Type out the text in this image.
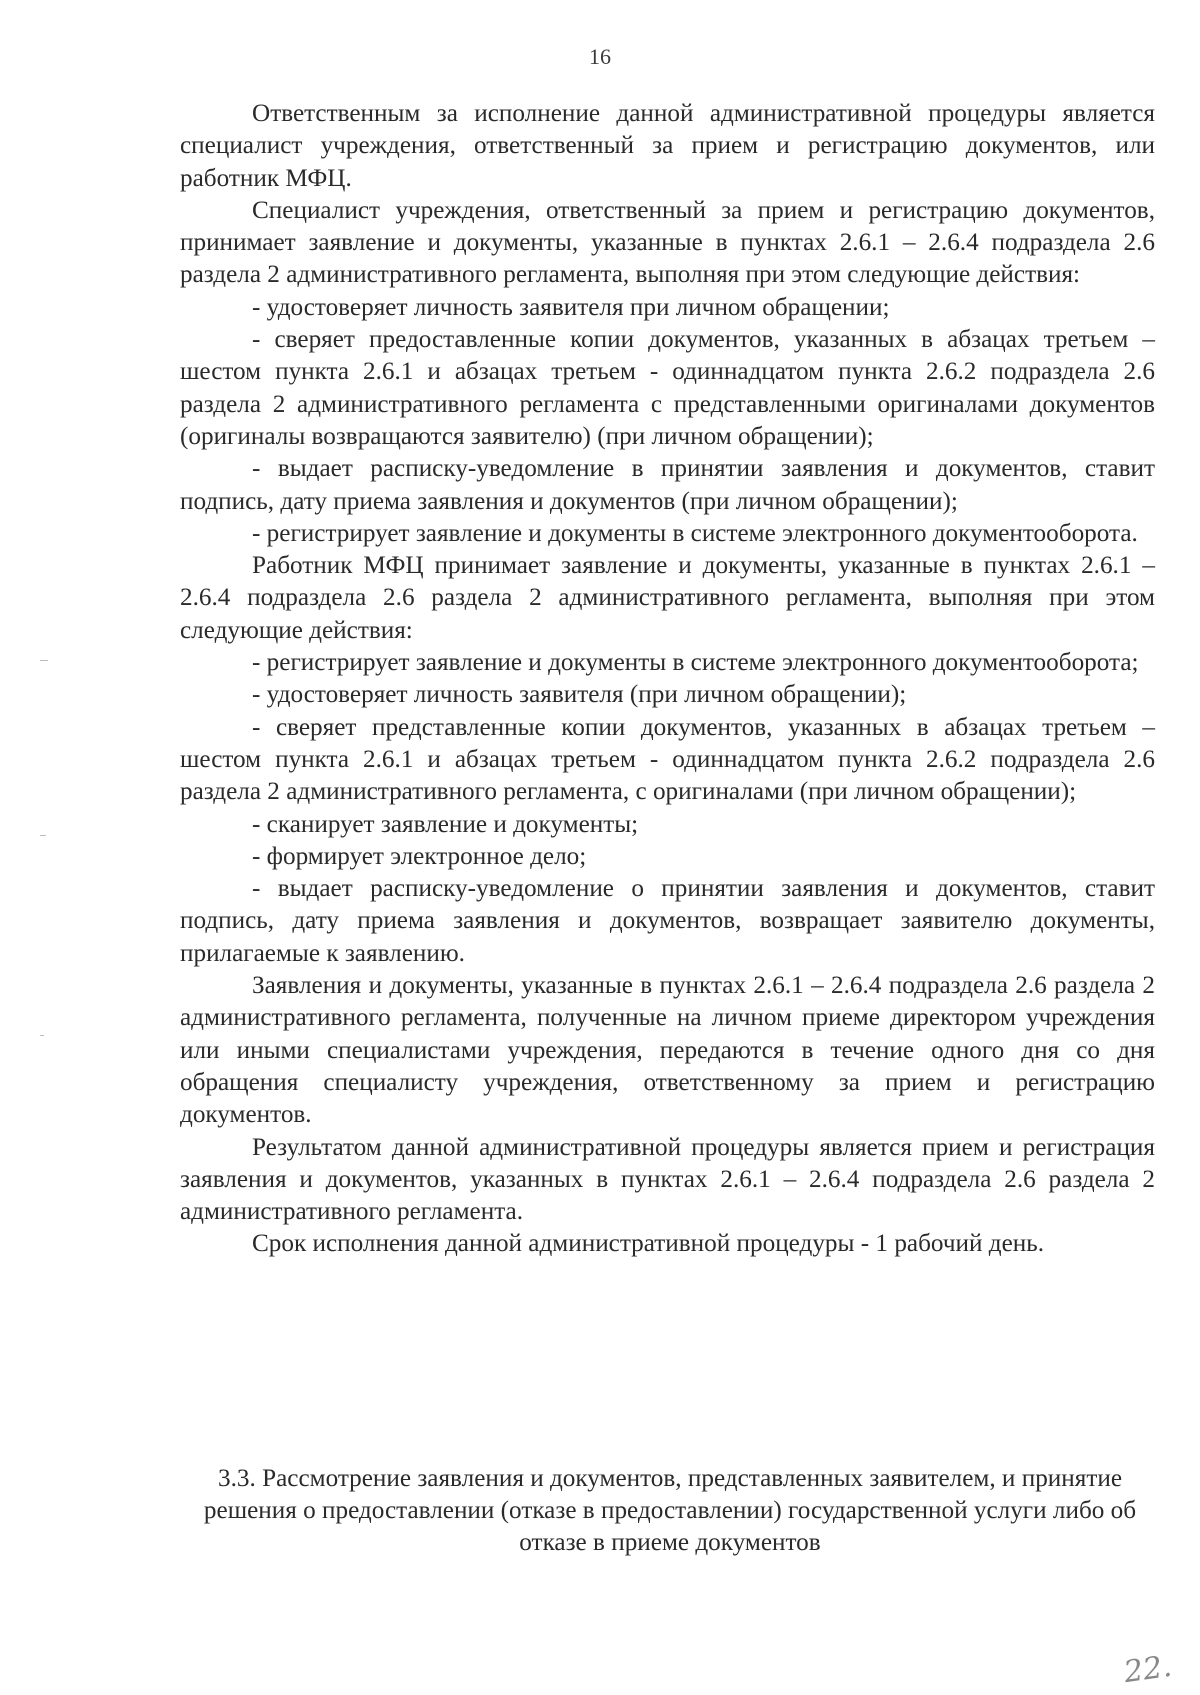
16

Ответственным за исполнение данной административной процедуры является специалист учреждения, ответственный за прием и регистрацию документов, или работник МФЦ.

Специалист учреждения, ответственный за прием и регистрацию документов, принимает заявление и документы, указанные в пунктах 2.6.1 – 2.6.4 подраздела 2.6 раздела 2 административного регламента, выполняя при этом следующие действия:

- удостоверяет личность заявителя при личном обращении;

- сверяет предоставленные копии документов, указанных в абзацах третьем – шестом пункта 2.6.1 и абзацах третьем - одиннадцатом пункта 2.6.2 подраздела 2.6 раздела 2 административного регламента с представленными оригиналами документов (оригиналы возвращаются заявителю) (при личном обращении);

- выдает расписку-уведомление в принятии заявления и документов, ставит подпись, дату приема заявления и документов (при личном обращении);

- регистрирует заявление и документы в системе электронного документооборота.

Работник МФЦ принимает заявление и документы, указанные в пунктах 2.6.1 – 2.6.4 подраздела 2.6 раздела 2 административного регламента, выполняя при этом следующие действия:

- регистрирует заявление и документы в системе электронного документооборота;

- удостоверяет личность заявителя (при личном обращении);

- сверяет представленные копии документов, указанных в абзацах третьем – шестом пункта 2.6.1 и абзацах третьем - одиннадцатом пункта 2.6.2 подраздела 2.6 раздела 2 административного регламента, с оригиналами (при личном обращении);

- сканирует заявление и документы;

- формирует электронное дело;

- выдает расписку-уведомление о принятии заявления и документов, ставит подпись, дату приема заявления и документов, возвращает заявителю документы, прилагаемые к заявлению.

Заявления и документы, указанные в пунктах 2.6.1 – 2.6.4 подраздела 2.6 раздела 2 административного регламента, полученные на личном приеме директором учреждения или иными специалистами учреждения, передаются в течение одного дня со дня обращения специалисту учреждения, ответственному за прием и регистрацию документов.

Результатом данной административной процедуры является прием и регистрация заявления и документов, указанных в пунктах 2.6.1 – 2.6.4 подраздела 2.6 раздела 2 административного регламента.

Срок исполнения данной административной процедуры - 1 рабочий день.

3.3. Рассмотрение заявления и документов, представленных заявителем, и принятие решения о предоставлении (отказе в предоставлении) государственной услуги либо об отказе в приеме документов
22.
